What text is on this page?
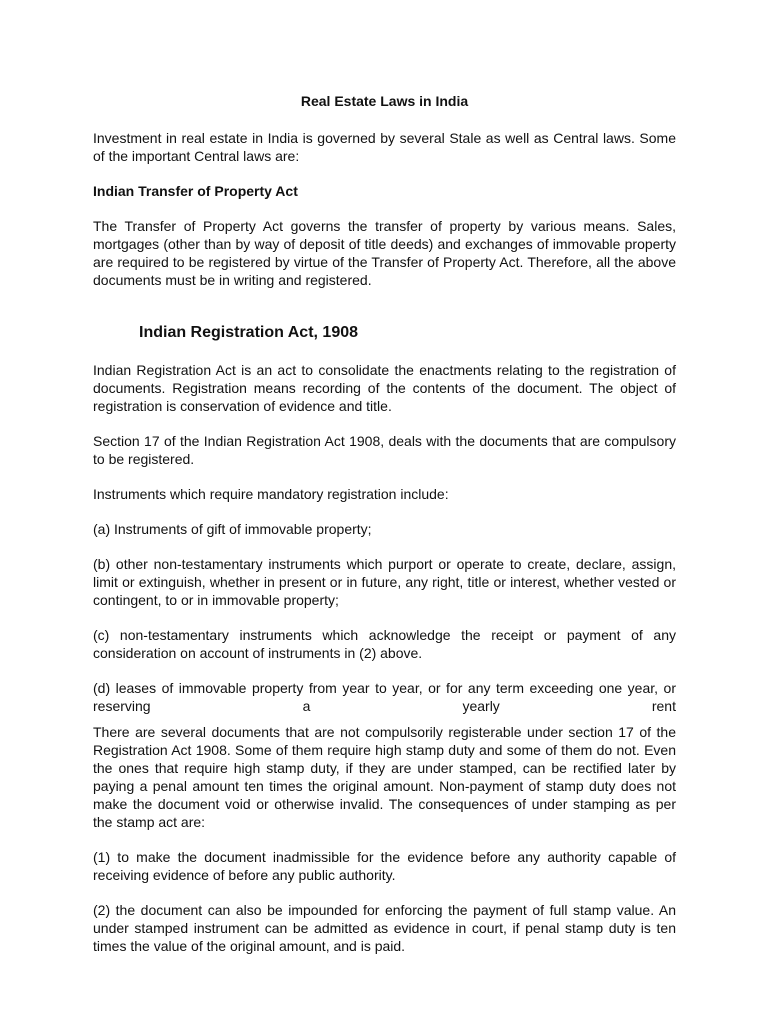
Real Estate Laws in India

Investment in real estate in India is governed by several Stale as well as Central laws. Some of the important Central laws are:

Indian Transfer of Property Act

The Transfer of Property Act governs the transfer of property by various means. Sales, mortgages (other than by way of deposit of title deeds) and exchanges of immovable property are required to be registered by virtue of the Transfer of Property Act. Therefore, all the above documents must be in writing and registered.

Indian Registration Act, 1908

Indian Registration Act is an act to consolidate the enactments relating to the registration of documents. Registration means recording of the contents of the document. The object of registration is conservation of evidence and title.

Section 17 of the Indian Registration Act 1908, deals with the documents that are compulsory to be registered.

Instruments which require mandatory registration include:

(a) Instruments of gift of immovable property;

(b) other non-testamentary instruments which purport or operate to create, declare, assign, limit or extinguish, whether in present or in future, any right, title or interest, whether vested or contingent, to or in immovable property;

(c) non-testamentary instruments which acknowledge the receipt or payment of any consideration on account of instruments in (2) above.

(d) leases of immovable property from year to year, or for any term exceeding one year, or reserving a yearly rent

There are several documents that are not compulsorily registerable under section 17 of the Registration Act 1908. Some of them require high stamp duty and some of them do not. Even the ones that require high stamp duty, if they are under stamped, can be rectified later by paying a penal amount ten times the original amount. Non-payment of stamp duty does not make the document void or otherwise invalid. The consequences of under stamping as per the stamp act are:

(1) to make the document inadmissible for the evidence before any authority capable of receiving evidence of before any public authority.

(2) the document can also be impounded for enforcing the payment of full stamp value. An under stamped instrument can be admitted as evidence in court, if penal stamp duty is ten times the value of the original amount, and is paid.
